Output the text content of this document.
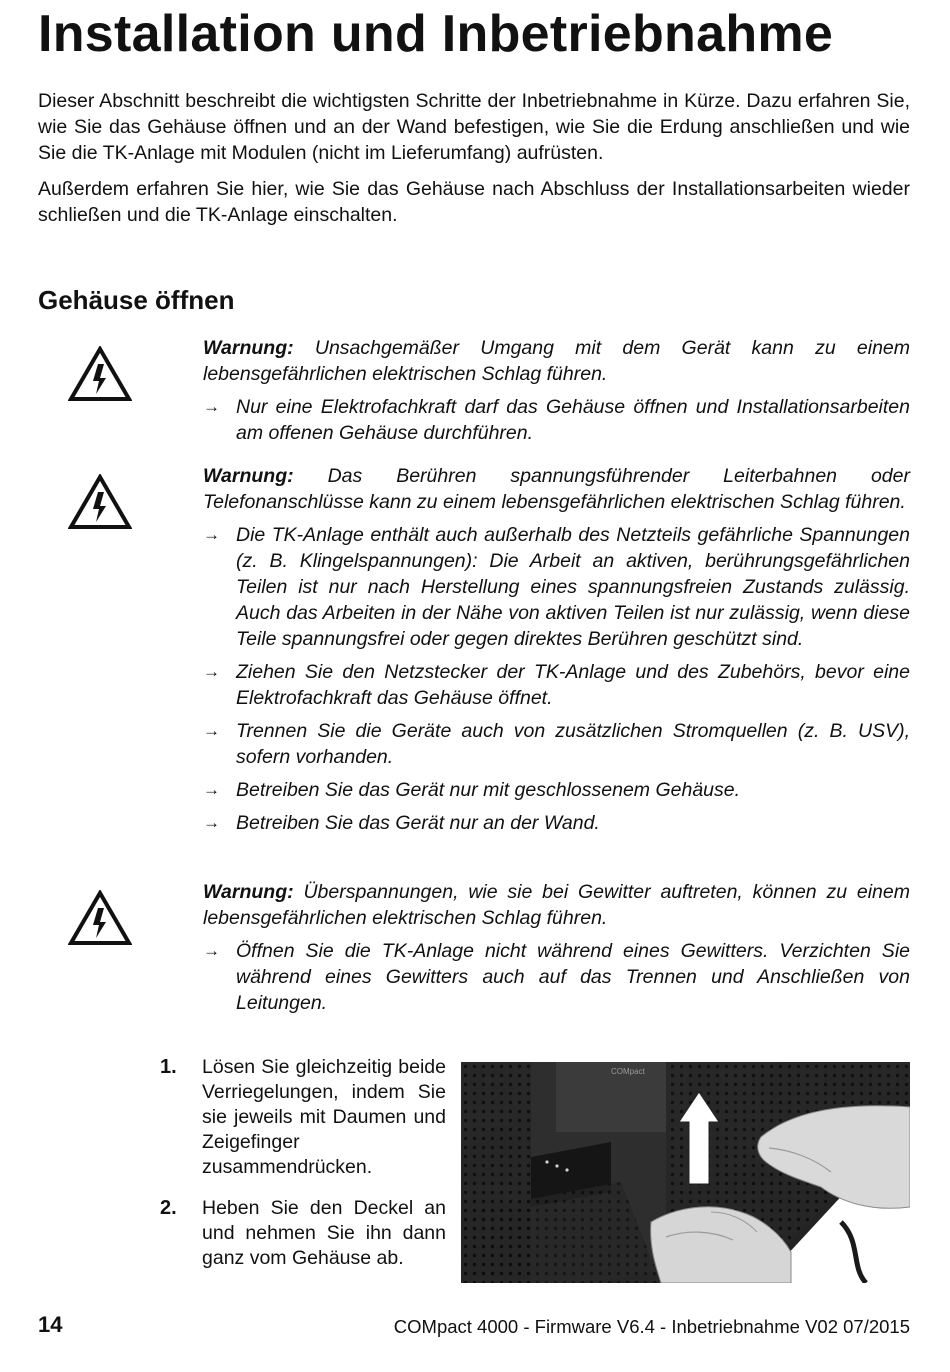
Installation und Inbetriebnahme

Dieser Abschnitt beschreibt die wichtigsten Schritte der Inbetriebnahme in Kürze. Dazu erfahren Sie, wie Sie das Gehäuse öffnen und an der Wand befestigen, wie Sie die Erdung anschließen und wie Sie die TK-Anlage mit Modulen (nicht im Lieferumfang) aufrüsten.

Außerdem erfahren Sie hier, wie Sie das Gehäuse nach Abschluss der Installationsarbeiten wieder schließen und die TK-Anlage einschalten.

Gehäuse öffnen

Warnung: Unsachgemäßer Umgang mit dem Gerät kann zu einem lebensgefährlichen elektrischen Schlag führen.

→ Nur eine Elektrofachkraft darf das Gehäuse öffnen und Installationsarbeiten am offenen Gehäuse durchführen.

Warnung: Das Berühren spannungsführender Leiterbahnen oder Telefonanschlüsse kann zu einem lebensgefährlichen elektrischen Schlag führen.

→ Die TK-Anlage enthält auch außerhalb des Netzteils gefährliche Spannungen (z. B. Klingelspannungen): Die Arbeit an aktiven, berührungsgefährlichen Teilen ist nur nach Herstellung eines spannungsfreien Zustands zulässig. Auch das Arbeiten in der Nähe von aktiven Teilen ist nur zulässig, wenn diese Teile spannungsfrei oder gegen direktes Berühren geschützt sind.

→ Ziehen Sie den Netzstecker der TK-Anlage und des Zubehörs, bevor eine Elektrofachkraft das Gehäuse öffnet.

→ Trennen Sie die Geräte auch von zusätzlichen Stromquellen (z. B. USV), sofern vorhanden.

→ Betreiben Sie das Gerät nur mit geschlossenem Gehäuse.

→ Betreiben Sie das Gerät nur an der Wand.

Warnung: Überspannungen, wie sie bei Gewitter auftreten, können zu einem lebensgefährlichen elektrischen Schlag führen.

→ Öffnen Sie die TK-Anlage nicht während eines Gewitters. Verzichten Sie während eines Gewitters auch auf das Trennen und Anschließen von Leitungen.

1. Lösen Sie gleichzeitig beide Verriegelungen, indem Sie sie jeweils mit Daumen und Zeigefinger zusammendrücken.
2. Heben Sie den Deckel an und nehmen Sie ihn dann ganz vom Gehäuse ab.
COMpact
14	COMpact 4000 - Firmware V6.4 - Inbetriebnahme V02 07/2015
